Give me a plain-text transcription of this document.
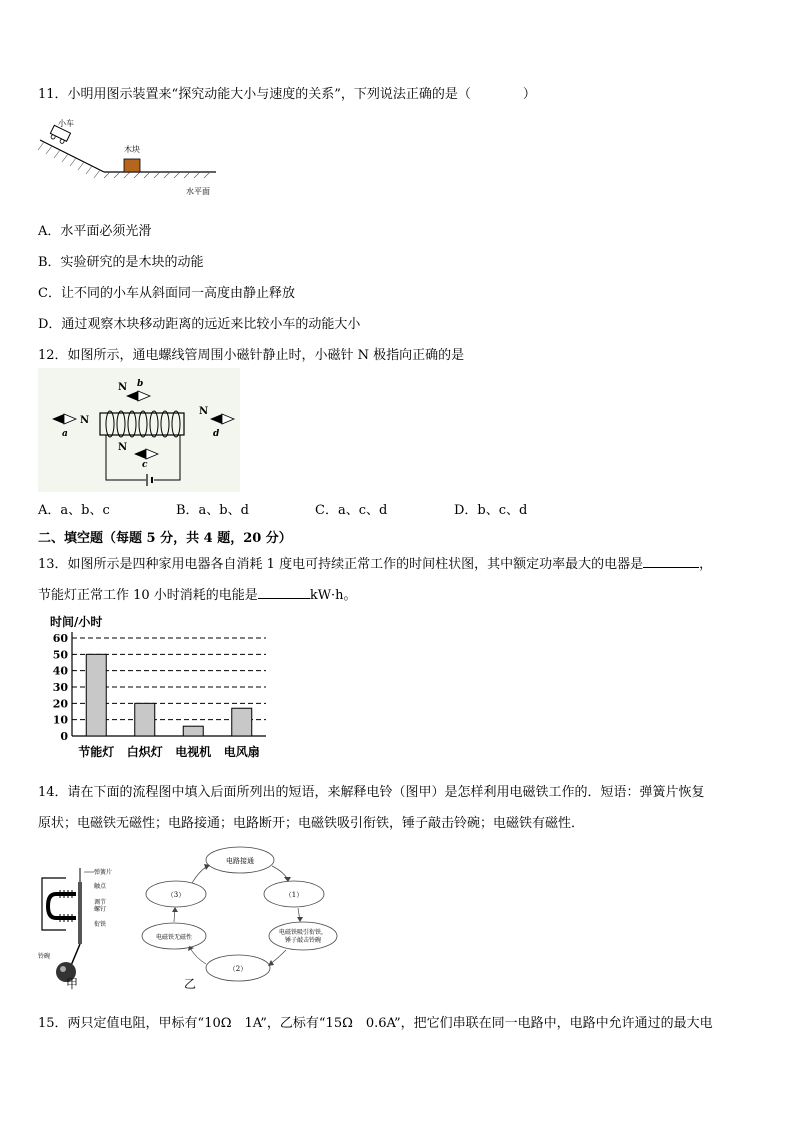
11．小明用图示装置来“探究动能大小与速度的关系”，下列说法正确的是（　　　　）
小车
木块
水平面
A．水平面必须光滑
B．实验研究的是木块的动能
C．让不同的小车从斜面同一高度由静止释放
D．通过观察木块移动距离的远近来比较小车的动能大小
12．如图所示，通电螺线管周围小磁针静止时，小磁针 N 极指向正确的是
N
a
N b
N
c
N
d
A．a、b、c	B．a、b、d	C．a、c、d	D．b、c、d
二、填空题（每题 5 分，共 4 题，20 分）
13．如图所示是四种家用电器各自消耗 1 度电可持续正常工作的时间柱状图，其中额定功率最大的电器是	，
节能灯正常工作 10 小时消耗的电能是	kW·h。
时间/小时
0
10
20
30
40
50
60
节能灯 白炽灯 电视机 电风扇
14．请在下面的流程图中填入后面所列出的短语，来解释电铃（图甲）是怎样利用电磁铁工作的．短语：弹簧片恢复
原状；电磁铁无磁性；电路接通；电路断开；电磁铁吸引衔铁，锤子敲击铃碗；电磁铁有磁性．
弹簧片
触点
调节
螺钉
衔铁
铃碗
甲
电路接通
（1）
电磁铁吸引衔铁，
锤子敲击铃碗
（2）
电磁铁无磁性
（3）
乙
15．两只定值电阻，甲标有“10Ω　1A”，乙标有“15Ω　0.6A”，把它们串联在同一电路中，电路中允许通过的最大电
